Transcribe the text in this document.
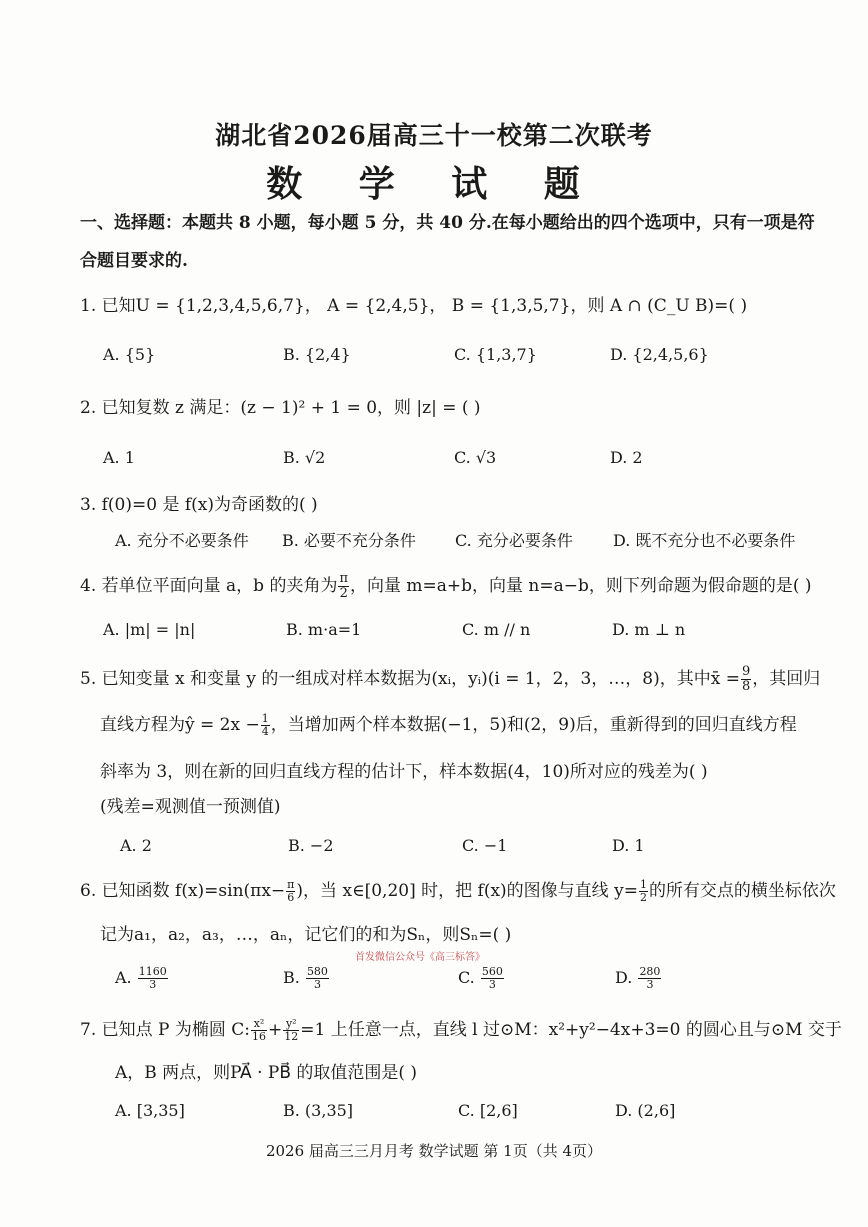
湖北省2026届高三十一校第二次联考
数 学 试 题
一、选择题：本题共 8 小题，每小题 5 分，共 40 分.在每小题给出的四个选项中，只有一项是符
合题目要求的.
1. 已知U = {1,2,3,4,5,6,7}， A = {2,4,5}， B = {1,3,5,7}，则 A ∩ (C_U B)=( )
A. {5}	B. {2,4}	C. {1,3,7}	D. {2,4,5,6}
2. 已知复数 z 满足：(z − 1)² + 1 = 0，则 |z| = ( )
A. 1	B. √2	C. √3	D. 2
3. f(0)=0 是 f(x)为奇函数的( )
A. 充分不必要条件 B. 必要不充分条件 C. 充分必要条件	D. 既不充分也不必要条件
4. 若单位平面向量 a，b 的夹角为 $\frac{\pi}{2}$ ，向量 m=a+b，向量 n=a−b，则下列命题为假命题的是( )
A. |m| = |n|	B. m·a=1	C. m // n	D. m ⊥ n
5. 已知变量 x 和变量 y 的一组成对样本数据为(xᵢ，yᵢ)(i = 1，2，3，…，8)，其中x̄ = $\frac{9}{8}$ ，其回归
直线方程为ŷ = $2x - \frac{1}{4}$ ，当增加两个样本数据(−1，5)和(2，9)后，重新得到的回归直线方程
斜率为 3，则在新的回归直线方程的估计下，样本数据(4，10)所对应的残差为( )
(残差=观测值一预测值)
A. 2	B. −2	C. −1	D. 1
6. 已知函数 $f(x)=\sin(\pi x- \frac{\pi}{6}$ )，当 x∈[0,20] 时，把 f(x)的图像与直线 $y= \frac{1}{2}$ 的所有交点的横坐标依次
记为a₁，a₂，a₃，…，aₙ，记它们的和为Sₙ，则Sₙ=( )
首发微信公众号《高三标答》
A. $\frac{1160}{3}$	B. $\frac{580}{3}$	C. $\frac{560}{3}$	D. $\frac{280}{3}$
7. 已知点 P 为椭圆 C: $\frac{\text{x²}}{16} + \frac{\text{y²}}{12} =1$ 上任意一点，直线 l 过⊙M：x²+y²−4x+3=0 的圆心且与⊙M 交于
A，B 两点，则PA⃗ · PB⃗ 的取值范围是( )
A. [3,35]	B. (3,35]	C. [2,6]	D. (2,6]
2026 届高三三月月考 数学试题 第 1页（共 4页）
